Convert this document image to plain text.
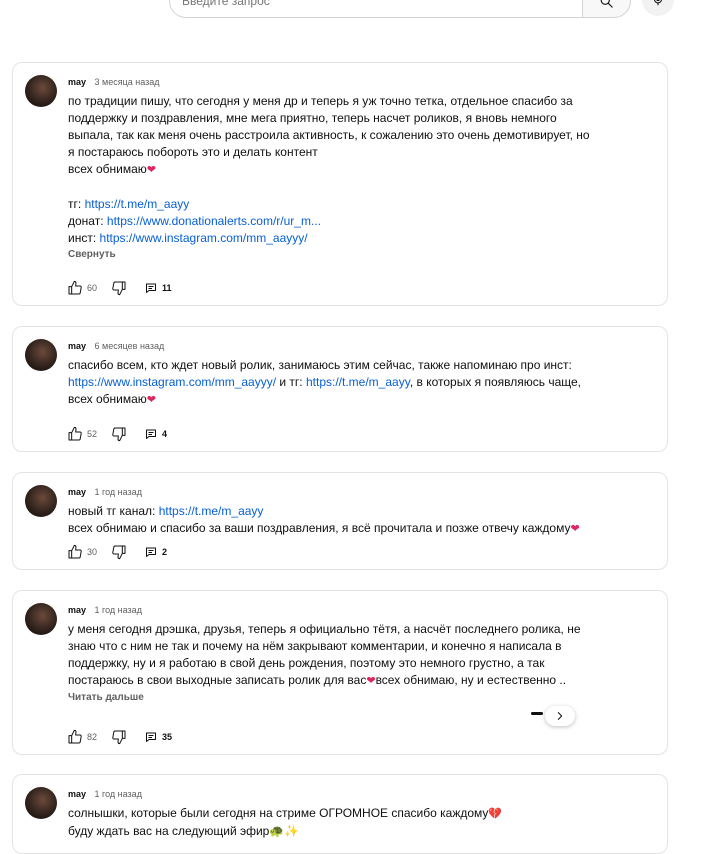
Введите запрос
may 3 месяца назад
по традиции пишу, что сегодня у меня др и теперь я уж точно тетка, отдельное спасибо за
поддержку и поздравления, мне мега приятно, теперь насчет роликов, я вновь немного
выпала, так как меня очень расстроила активность, к сожалению это очень демотивирует, но
я постараюсь побороть это и делать контент
всех обнимаю❤
тг: https://t.me/m_aayy
донат: https://www.donationalerts.com/r/ur_m...
инст: https://www.instagram.com/mm_aayyy/
Свернуть
60	11
may 6 месяцев назад
спасибо всем, кто ждет новый ролик, занимаюсь этим сейчас, также напоминаю про инст:
https://www.instagram.com/mm_aayyy/ и тг: https://t.me/m_aayy, в которых я появляюсь чаще,
всех обнимаю❤
52	4
may 1 год назад
новый тг канал: https://t.me/m_aayy
всех обнимаю и спасибо за ваши поздравления, я всё прочитала и позже отвечу каждому❤
30	2
may 1 год назад
у меня сегодня дрэшка, друзья, теперь я официально тётя, а насчёт последнего ролика, не
знаю что с ним не так и почему на нём закрывают комментарии, и конечно я написала в
поддержку, ну и я работаю в свой день рождения, поэтому это немного грустно, а так
постараюсь в свои выходные записать ролик для вас❤всех обнимаю, ну и естественно ..
Читать дальше
82	35
may 1 год назад
солнышки, которые были сегодня на стриме ОГРОМНОЕ спасибо каждому💔
буду ждать вас на следующий эфир🐢✨
